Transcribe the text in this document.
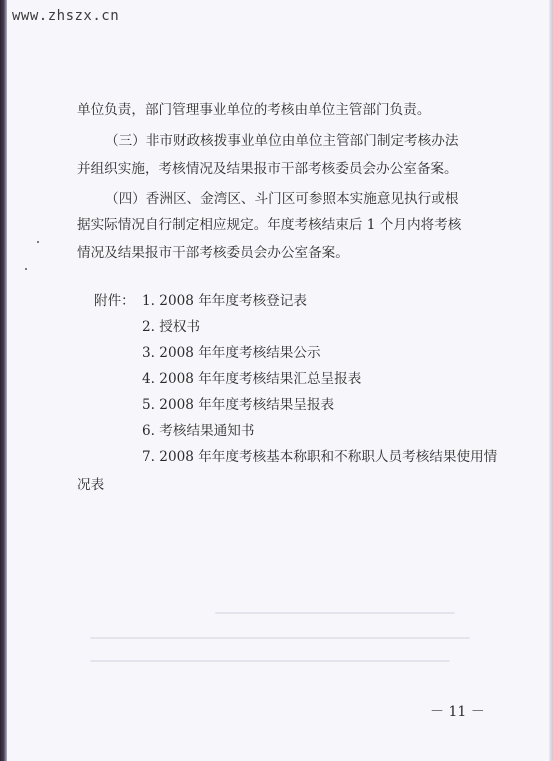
www.zhszx.cn
单位负责，部门管理事业单位的考核由单位主管部门负责。
（三）非市财政核拨事业单位由单位主管部门制定考核办法
并组织实施，考核情况及结果报市干部考核委员会办公室备案。
（四）香洲区、金湾区、斗门区可参照本实施意见执行或根
据实际情况自行制定相应规定。年度考核结束后 1 个月内将考核
情况及结果报市干部考核委员会办公室备案。
附件： 1. 2008 年年度考核登记表
2. 授权书
3. 2008 年年度考核结果公示
4. 2008 年年度考核结果汇总呈报表
5. 2008 年年度考核结果呈报表
6. 考核结果通知书
7. 2008 年年度考核基本称职和不称职人员考核结果使用情
况表
－ 11 －
